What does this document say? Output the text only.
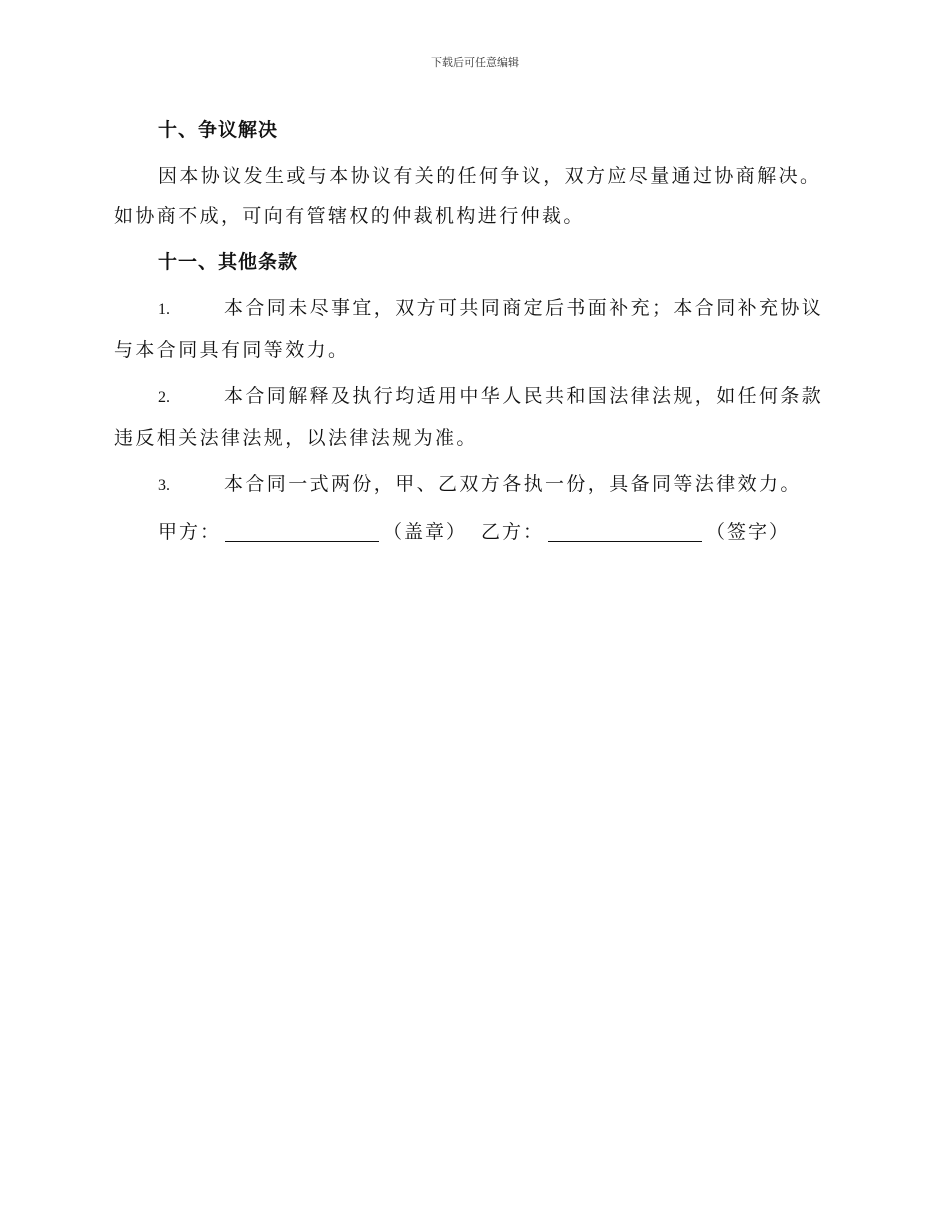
下载后可任意编辑
十、争议解决

因本协议发生或与本协议有关的任何争议，双方应尽量通过协商解决。如协商不成，可向有管辖权的仲裁机构进行仲裁。

十一、其他条款

1.	本合同未尽事宜，双方可共同商定后书面补充；本合同补充协议与本合同具有同等效力。

2.	本合同解释及执行均适用中华人民共和国法律法规，如任何条款违反相关法律法规，以法律法规为准。

3.	本合同一式两份，甲、乙双方各执一份，具备同等法律效力。

甲方：	（盖章） 乙方：	（签字）
